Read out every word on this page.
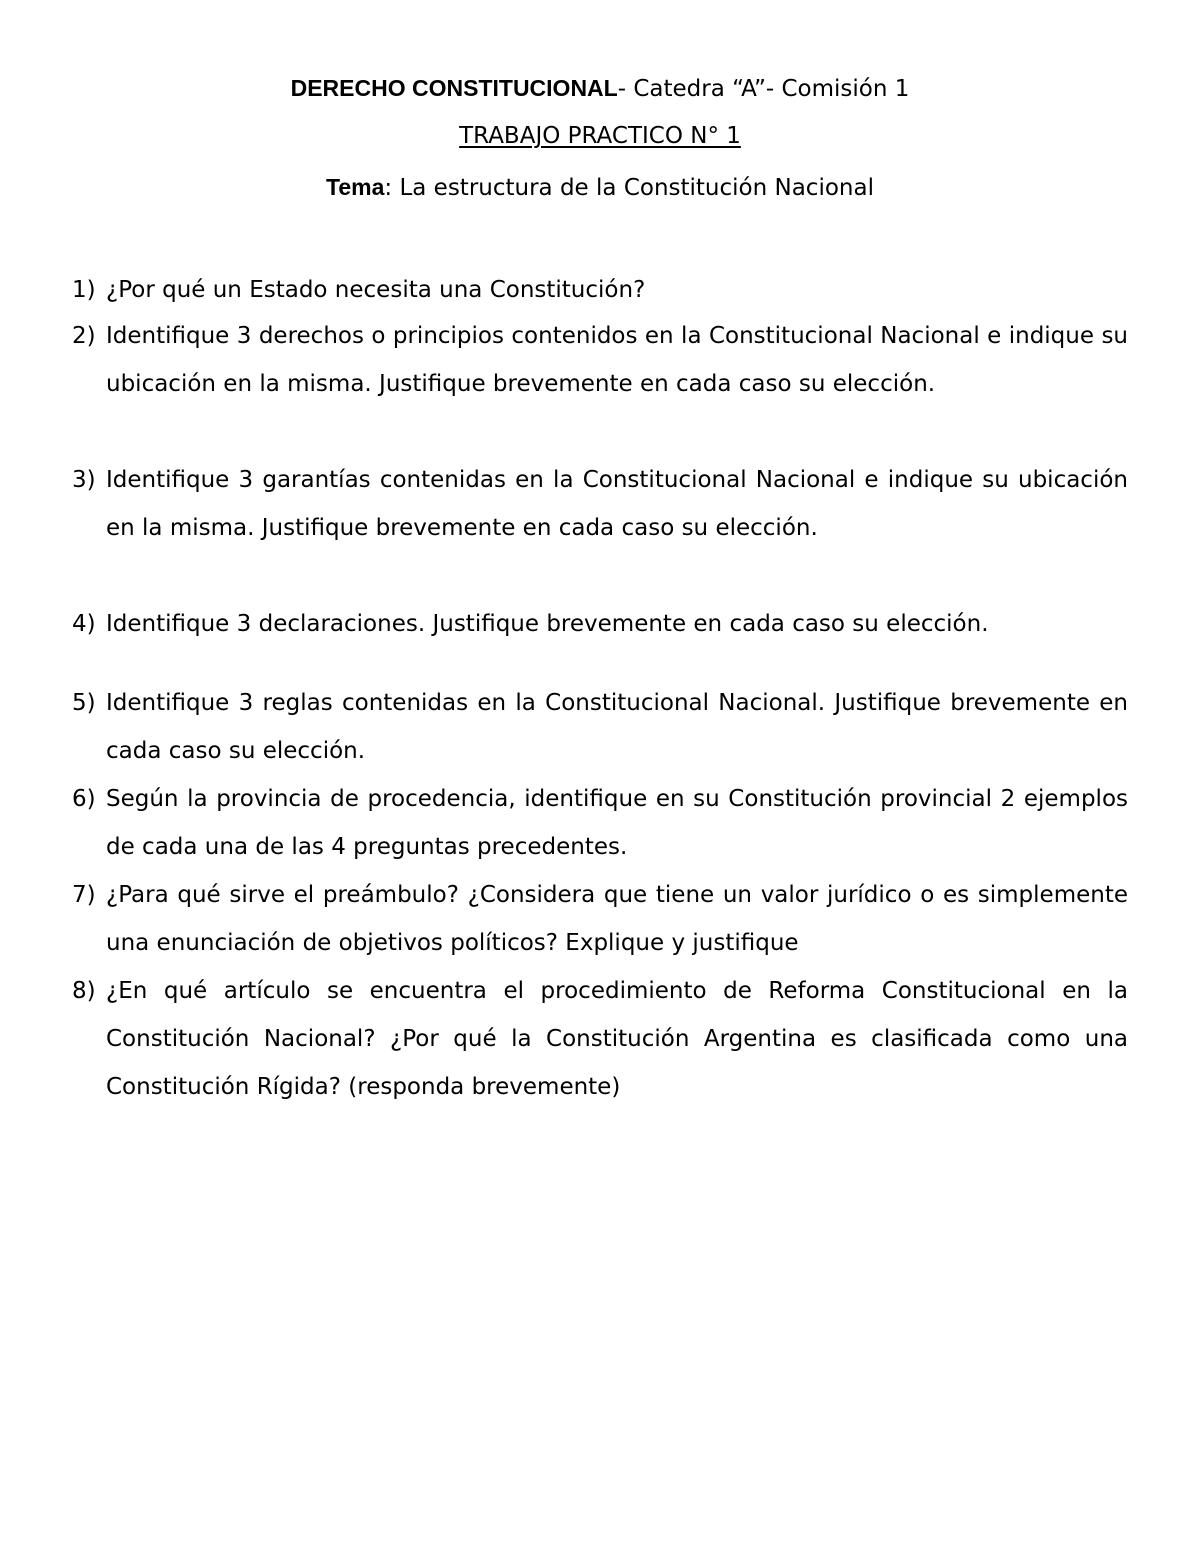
DERECHO CONSTITUCIONAL- Catedra “A”- Comisión 1
TRABAJO PRACTICO N° 1
Tema: La estructura de la Constitución Nacional
1) ¿Por qué un Estado necesita una Constitución?
2) Identifique 3 derechos o principios contenidos en la Constitucional Nacional e indique su ubicación en la misma. Justifique brevemente en cada caso su elección.
3) Identifique 3 garantías contenidas en la Constitucional Nacional e indique su ubicación en la misma. Justifique brevemente en cada caso su elección.
4) Identifique 3 declaraciones. Justifique brevemente en cada caso su elección.
5) Identifique 3 reglas contenidas en la Constitucional Nacional. Justifique brevemente en cada caso su elección.
6) Según la provincia de procedencia, identifique en su Constitución provincial 2 ejemplos de cada una de las 4 preguntas precedentes.
7) ¿Para qué sirve el preámbulo? ¿Considera que tiene un valor jurídico o es simplemente una enunciación de objetivos políticos? Explique y justifique
8) ¿En qué artículo se encuentra el procedimiento de Reforma Constitucional en la Constitución Nacional? ¿Por qué la Constitución Argentina es clasificada como una Constitución Rígida? (responda brevemente)
